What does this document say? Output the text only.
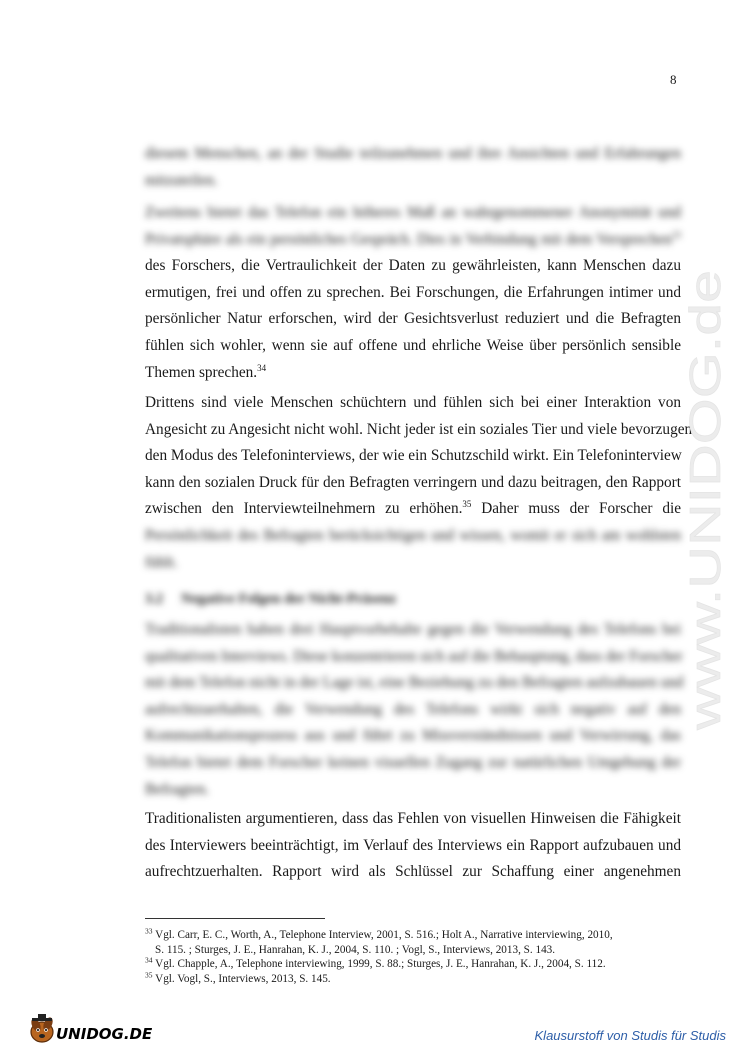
8

diesem Menschen, an der Studie teilzunehmen und ihre Ansichten und Erfahrungen
mitzuteilen.

Zweitens bietet das Telefon ein höheres Maß an wahrgenommener Anonymität und
Privatsphäre als ein persönliches Gespräch. Dies in Verbindung mit dem Versprechen$^{33}$
des Forschers, die Vertraulichkeit der Daten zu gewährleisten, kann Menschen dazu
ermutigen, frei und offen zu sprechen. Bei Forschungen, die Erfahrungen intimer und
persönlicher Natur erforschen, wird der Gesichtsverlust reduziert und die Befragten
fühlen sich wohler, wenn sie auf offene und ehrliche Weise über persönlich sensible
Themen sprechen.$^{34}$

Drittens sind viele Menschen schüchtern und fühlen sich bei einer Interaktion von
Angesicht zu Angesicht nicht wohl. Nicht jeder ist ein soziales Tier und viele bevorzugen
den Modus des Telefoninterviews, der wie ein Schutzschild wirkt. Ein Telefoninterview
kann den sozialen Druck für den Befragten verringern und dazu beitragen, den Rapport
zwischen den Interviewteilnehmern zu erhöhen.$^{35}$ Daher muss der Forscher die
Persönlichkeit des Befragten berücksichtigen und wissen, womit er sich am wohlsten
fühlt.

3.2 Negative Folgen der Nicht-Präsenz

Traditionalisten haben drei Hauptvorbehalte gegen die Verwendung des Telefons bei
qualitativen Interviews. Diese konzentrieren sich auf die Behauptung, dass der Forscher
mit dem Telefon nicht in der Lage ist, eine Beziehung zu den Befragten aufzubauen und
aufrechtzuerhalten, die Verwendung des Telefons wirkt sich negativ auf den
Kommunikationsprozess aus und führt zu Missverständnissen und Verwirrung, das
Telefon bietet dem Forscher keinen visuellen Zugang zur natürlichen Umgebung der
Befragten.

Traditionalisten argumentieren, dass das Fehlen von visuellen Hinweisen die Fähigkeit
des Interviewers beeinträchtigt, im Verlauf des Interviews ein Rapport aufzubauen und
aufrechtzuerhalten. Rapport wird als Schlüssel zur Schaffung einer angenehmen

$^{33}$ Vgl. Carr, E. C., Worth, A., Telephone Interview, 2001, S. 516.; Holt A., Narrative interviewing, 2010,
S. 115. ; Sturges, J. E., Hanrahan, K. J., 2004, S. 110. ; Vogl, S., Interviews, 2013, S. 143.

$^{34}$ Vgl. Chapple, A., Telephone interviewing, 1999, S. 88.; Sturges, J. E., Hanrahan, K. J., 2004, S. 112.

$^{35}$ Vgl. Vogl, S., Interviews, 2013, S. 145.

www.UNIDOG.de
UNIDOG.DE	Klausurstoff von Studis für Studis
